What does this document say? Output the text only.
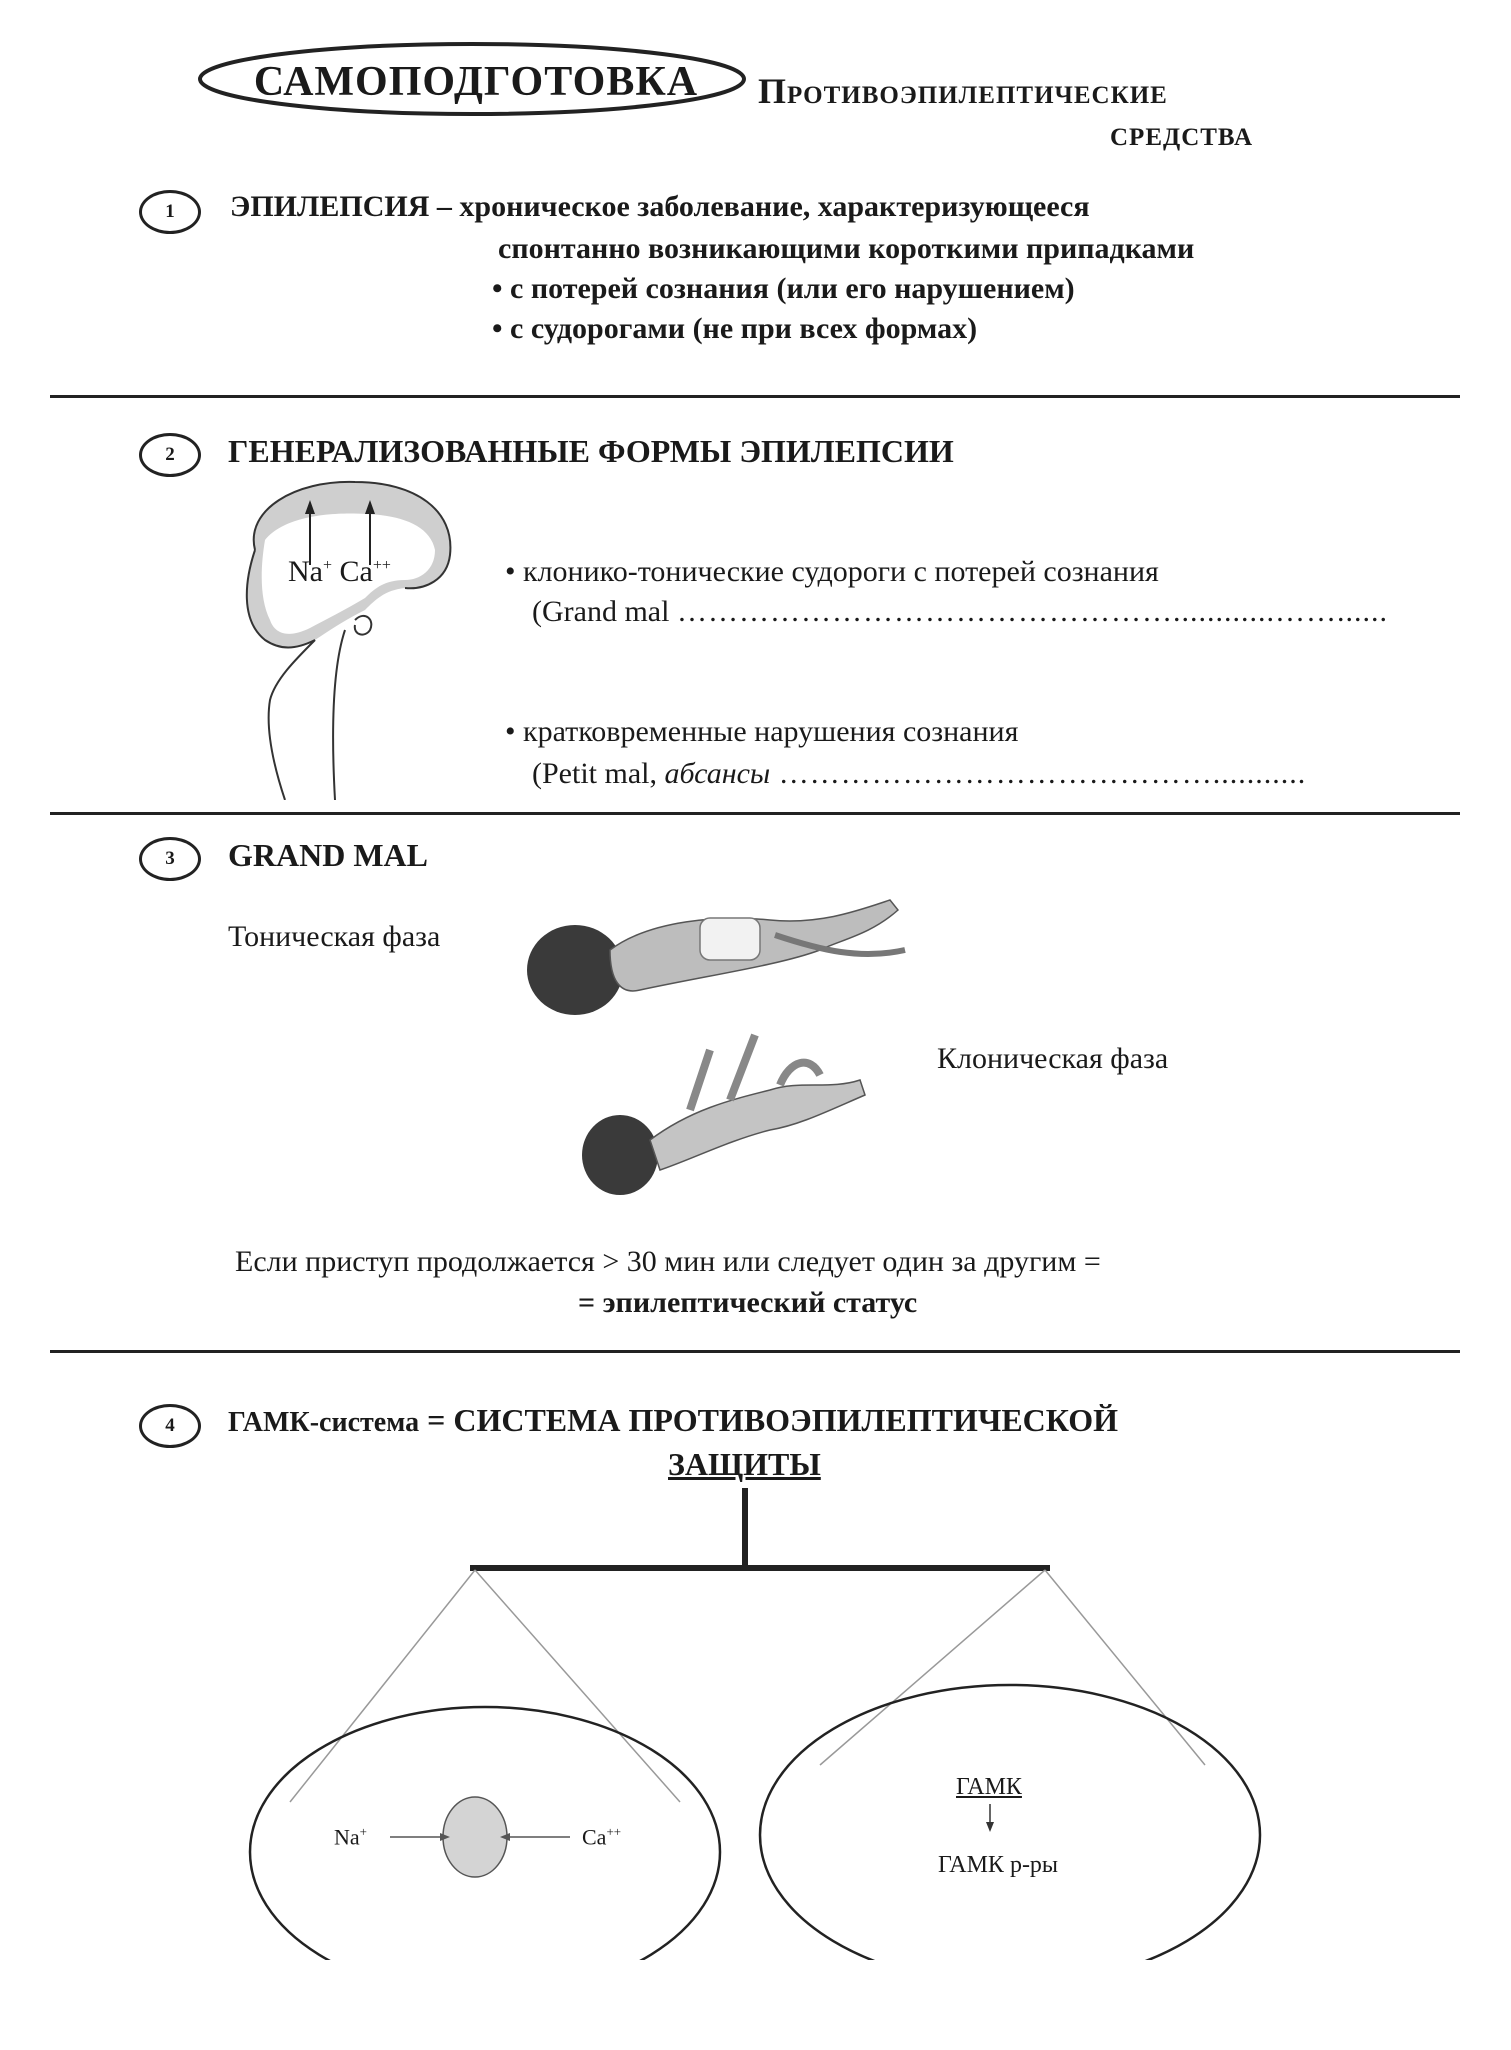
САМОПОДГОТОВКА	Противоэпилептические
средства
1	ЭПИЛЕПСИЯ – хроническое заболевание, характеризующееся
спонтанно возникающими короткими припадками
• с потерей сознания (или его нарушением)
• с судорогами (не при всех формах)
2	ГЕНЕРАЛИЗОВАННЫЕ ФОРМЫ ЭПИЛЕПСИИ
Na+ Ca++
•	клонико-тонические судороги с потерей сознания
(Grand mal …………………………………………............……......
• кратковременные нарушения сознания
(Petit mal, абсансы ……………………………………...........
3	GRAND MAL
Тоническая фаза
Клоническая фаза
Если приступ продолжается > 30 мин или следует один за другим =
= эпилептический статус
4	ГАМК-система = СИСТЕМА ПРОТИВОЭПИЛЕПТИЧЕСКОЙ
ЗАЩИТЫ
Na+	Ca++
ГАМК
ГАМК р-ры
